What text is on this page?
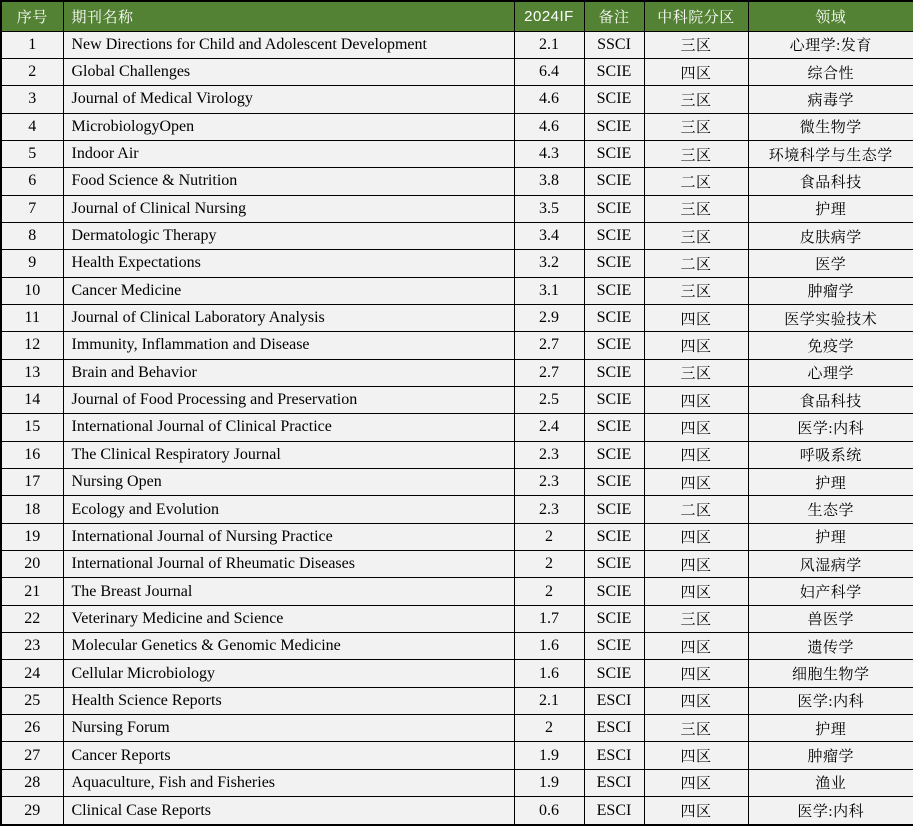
序号	期刊名称	2024IF	备注	中科院分区	领域
1	New Directions for Child and Adolescent Development	2.1	SSCI	三区	心理学:发育
2	Global Challenges	6.4	SCIE	四区	综合性
3	Journal of Medical Virology	4.6	SCIE	三区	病毒学
4	MicrobiologyOpen	4.6	SCIE	三区	微生物学
5	Indoor Air	4.3	SCIE	三区	环境科学与生态学
6	Food Science & Nutrition	3.8	SCIE	二区	食品科技
7	Journal of Clinical Nursing	3.5	SCIE	三区	护理
8	Dermatologic Therapy	3.4	SCIE	三区	皮肤病学
9	Health Expectations	3.2	SCIE	二区	医学
10	Cancer Medicine	3.1	SCIE	三区	肿瘤学
11	Journal of Clinical Laboratory Analysis	2.9	SCIE	四区	医学实验技术
12	Immunity, Inflammation and Disease	2.7	SCIE	四区	免疫学
13	Brain and Behavior	2.7	SCIE	三区	心理学
14	Journal of Food Processing and Preservation	2.5	SCIE	四区	食品科技
15	International Journal of Clinical Practice	2.4	SCIE	四区	医学:内科
16	The Clinical Respiratory Journal	2.3	SCIE	四区	呼吸系统
17	Nursing Open	2.3	SCIE	四区	护理
18	Ecology and Evolution	2.3	SCIE	二区	生态学
19	International Journal of Nursing Practice	2	SCIE	四区	护理
20	International Journal of Rheumatic Diseases	2	SCIE	四区	风湿病学
21	The Breast Journal	2	SCIE	四区	妇产科学
22	Veterinary Medicine and Science	1.7	SCIE	三区	兽医学
23	Molecular Genetics & Genomic Medicine	1.6	SCIE	四区	遗传学
24	Cellular Microbiology	1.6	SCIE	四区	细胞生物学
25	Health Science Reports	2.1	ESCI	四区	医学:内科
26	Nursing Forum	2	ESCI	三区	护理
27	Cancer Reports	1.9	ESCI	四区	肿瘤学
28	Aquaculture, Fish and Fisheries	1.9	ESCI	四区	渔业
29	Clinical Case Reports	0.6	ESCI	四区	医学:内科
